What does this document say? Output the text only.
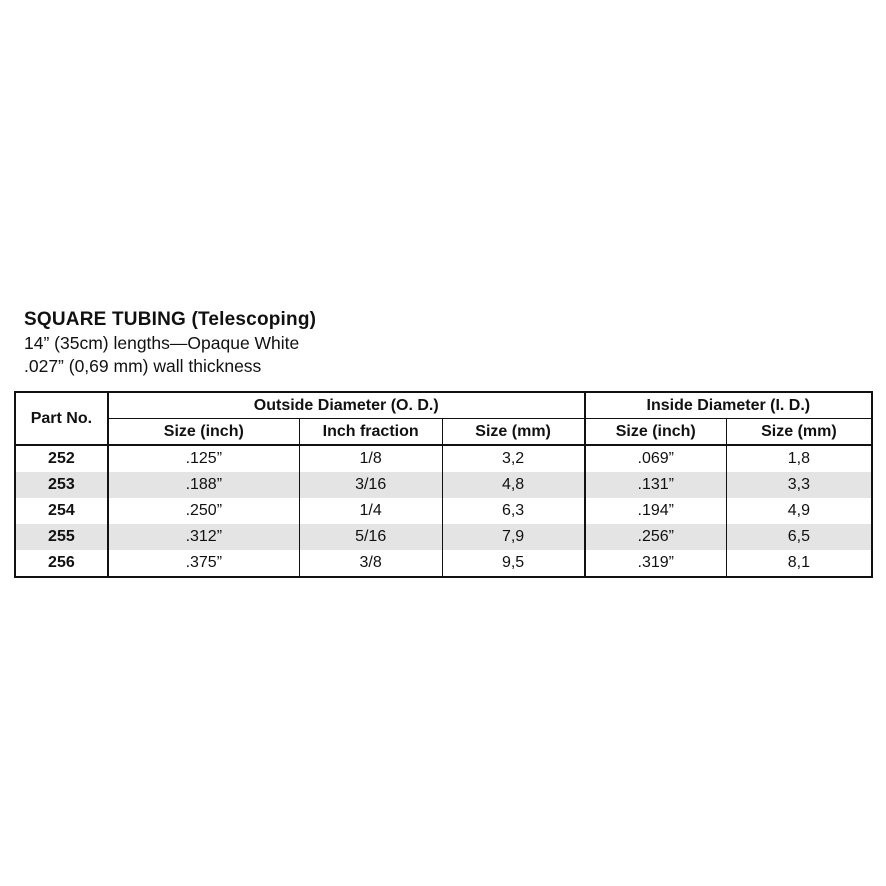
SQUARE TUBING (Telescoping)
14” (35cm) lengths—Opaque White
.027” (0,69 mm) wall thickness
Part No.	Outside Diameter (O. D.)			Inside Diameter (I. D.)	
	Size (inch)	Inch fraction	Size (mm)	Size (inch)	Size (mm)
252	.125”	1/8	3,2	.069”	1,8
253	.188”	3/16	4,8	.131”	3,3
254	.250”	1/4	6,3	.194”	4,9
255	.312”	5/16	7,9	.256”	6,5
256	.375”	3/8	9,5	.319”	8,1
